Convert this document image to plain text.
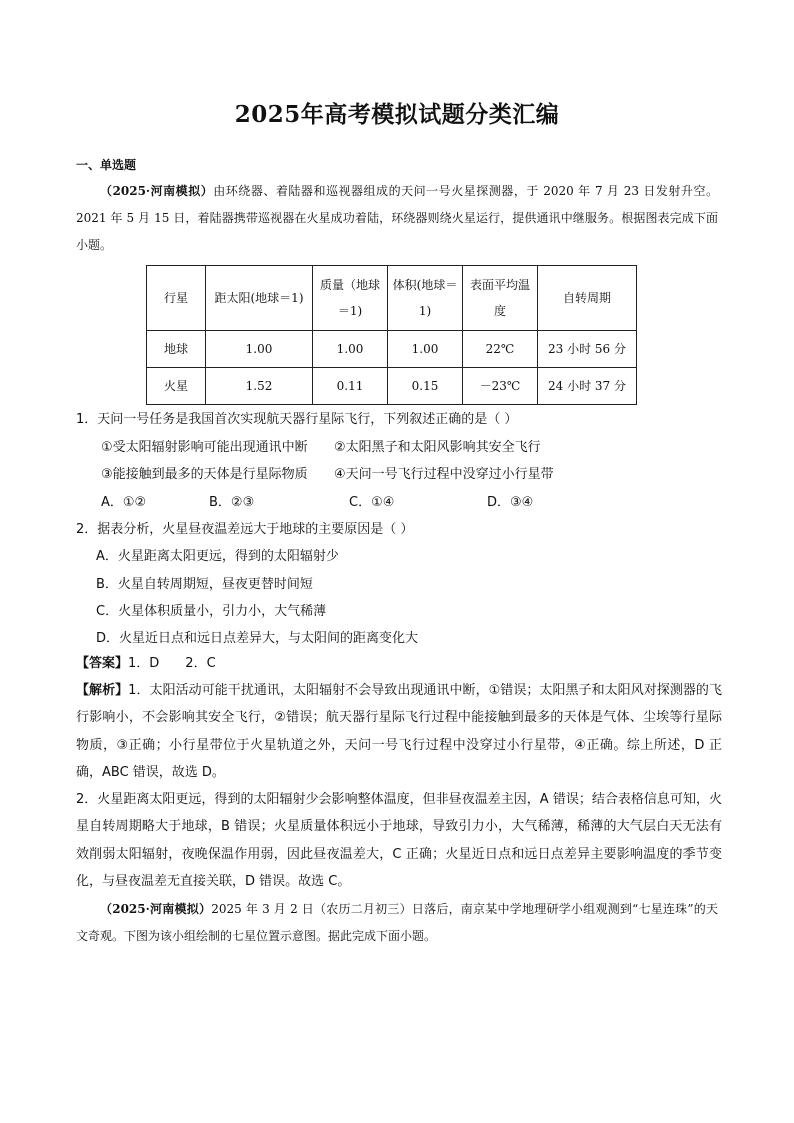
2025年高考模拟试题分类汇编
一、单选题
（2025·河南模拟）由环绕器、着陆器和巡视器组成的天问一号火星探测器，于 2020 年 7 月 23 日发射升空。2021 年 5 月 15 日，着陆器携带巡视器在火星成功着陆，环绕器则绕火星运行，提供通讯中继服务。根据图表完成下面小题。
行星	距太阳(地球＝1)	质量（地球＝1)	体积(地球＝1)	表面平均温度	自转周期
地球	1.00	1.00	1.00	22℃	23 小时 56 分
火星	1.52	0.11	0.15	－23℃	24 小时 37 分
1．天问一号任务是我国首次实现航天器行星际飞行，下列叙述正确的是（ ）
①受太阳辐射影响可能出现通讯中断 ②太阳黑子和太阳风影响其安全飞行
③能接触到最多的天体是行星际物质 ④天问一号飞行过程中没穿过小行星带
A．①②	B．②③	C．①④	D．③④
2．据表分析，火星昼夜温差远大于地球的主要原因是（ ）
A．火星距离太阳更远，得到的太阳辐射少
B．火星自转周期短，昼夜更替时间短
C．火星体积质量小，引力小，大气稀薄
D．火星近日点和远日点差异大，与太阳间的距离变化大
【答案】1．D　　2．C
【解析】1．太阳活动可能干扰通讯，太阳辐射不会导致出现通讯中断，①错误；太阳黑子和太阳风对探测器的飞行影响小，不会影响其安全飞行，②错误；航天器行星际飞行过程中能接触到最多的天体是气体、尘埃等行星际物质，③正确；小行星带位于火星轨道之外，天问一号飞行过程中没穿过小行星带，④正确。综上所述，D 正确，ABC 错误，故选 D。
2．火星距离太阳更远，得到的太阳辐射少会影响整体温度，但非昼夜温差主因，A 错误；结合表格信息可知，火星自转周期略大于地球，B 错误；火星质量体积远小于地球，导致引力小，大气稀薄，稀薄的大气层白天无法有效削弱太阳辐射，夜晚保温作用弱，因此昼夜温差大，C 正确；火星近日点和远日点差异主要影响温度的季节变化，与昼夜温差无直接关联，D 错误。故选 C。
（2025·河南模拟）2025 年 3 月 2 日（农历二月初三）日落后，南京某中学地理研学小组观测到“七星连珠”的天文奇观。下图为该小组绘制的七星位置示意图。据此完成下面小题。
